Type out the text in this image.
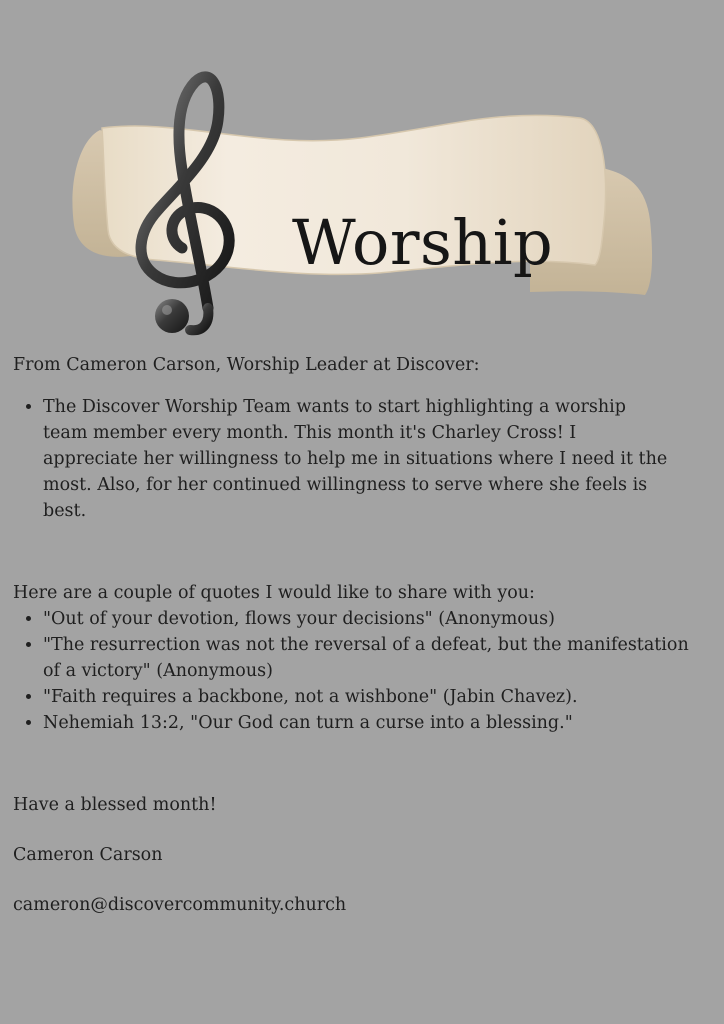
Worship

From Cameron Carson, Worship Leader at Discover:

• The Discover Worship Team wants to start highlighting a worship team member every month. This month it's Charley Cross! I appreciate her willingness to help me in situations where I need it the most. Also, for her continued willingness to serve where she feels is best.

Here are a couple of quotes I would like to share with you:

• "Out of your devotion, flows your decisions" (Anonymous)
• "The resurrection was not the reversal of a defeat, but the manifestation of a victory" (Anonymous)
• "Faith requires a backbone, not a wishbone" (Jabin Chavez).
• Nehemiah 13:2, "Our God can turn a curse into a blessing."

Have a blessed month!

Cameron Carson

cameron@discovercommunity.church
